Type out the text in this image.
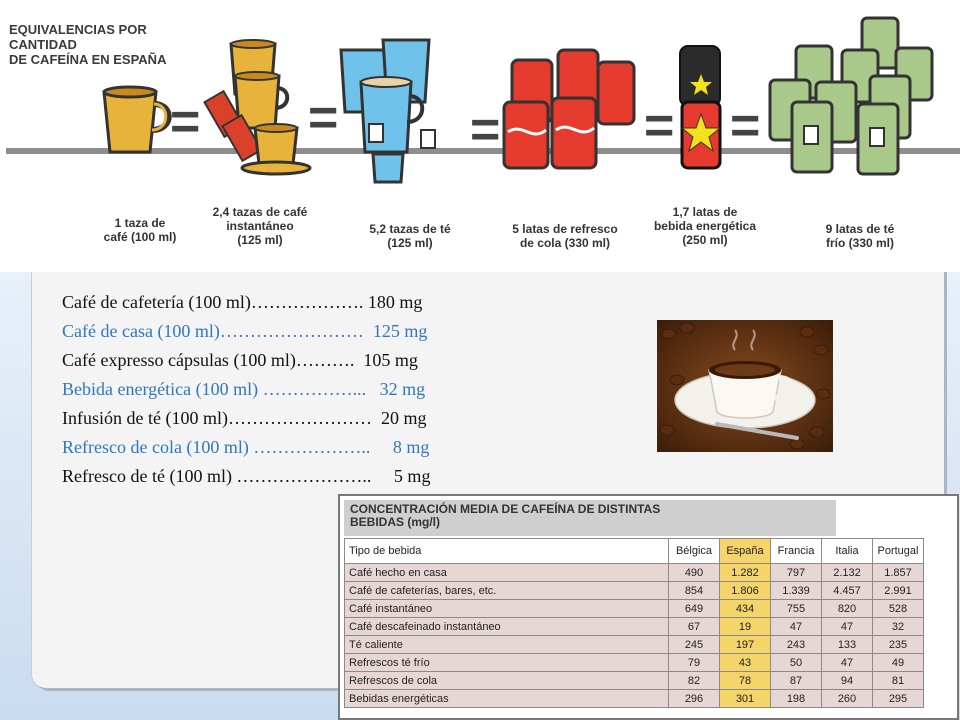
EQUIVALENCIAS POR CANTIDAD
DE CAFEÍNA EN ESPAÑA
= =	=	= =
1 taza de
café (100 ml)
2,4 tazas de café
instantáneo
(125 ml)
5,2 tazas de té
(125 ml)
5 latas de refresco
de cola (330 ml)
1,7 latas de
bebida energética
(250 ml)
9 latas de té
frío (330 ml)
Café de cafetería (100 ml)………………. 180 mg
Café de casa (100 ml)……………………  125 mg
Café expresso cápsulas (100 ml)……….  105 mg
Bebida energética (100 ml) ……………...   32 mg
Infusión de té (100 ml)……………………  20 mg
Refresco de cola (100 ml) ………………..     8 mg
Refresco de té (100 ml) …………………..     5 mg
CONCENTRACIÓN MEDIA DE CAFEÍNA DE DISTINTAS
BEBIDAS (mg/l)
Tipo de bebida	Bélgica	España	Francia	Italia	Portugal
Café hecho en casa	490	1.282	797	2.132	1.857
Café de cafeterías, bares, etc.	854	1.806	1.339	4.457	2.991
Café instantáneo	649	434	755	820	528
Café descafeinado instantáneo	67	19	47	47	32
Té caliente	245	197	243	133	235
Refrescos té frío	79	43	50	47	49
Refrescos de cola	82	78	87	94	81
Bebidas energéticas	296	301	198	260	295
